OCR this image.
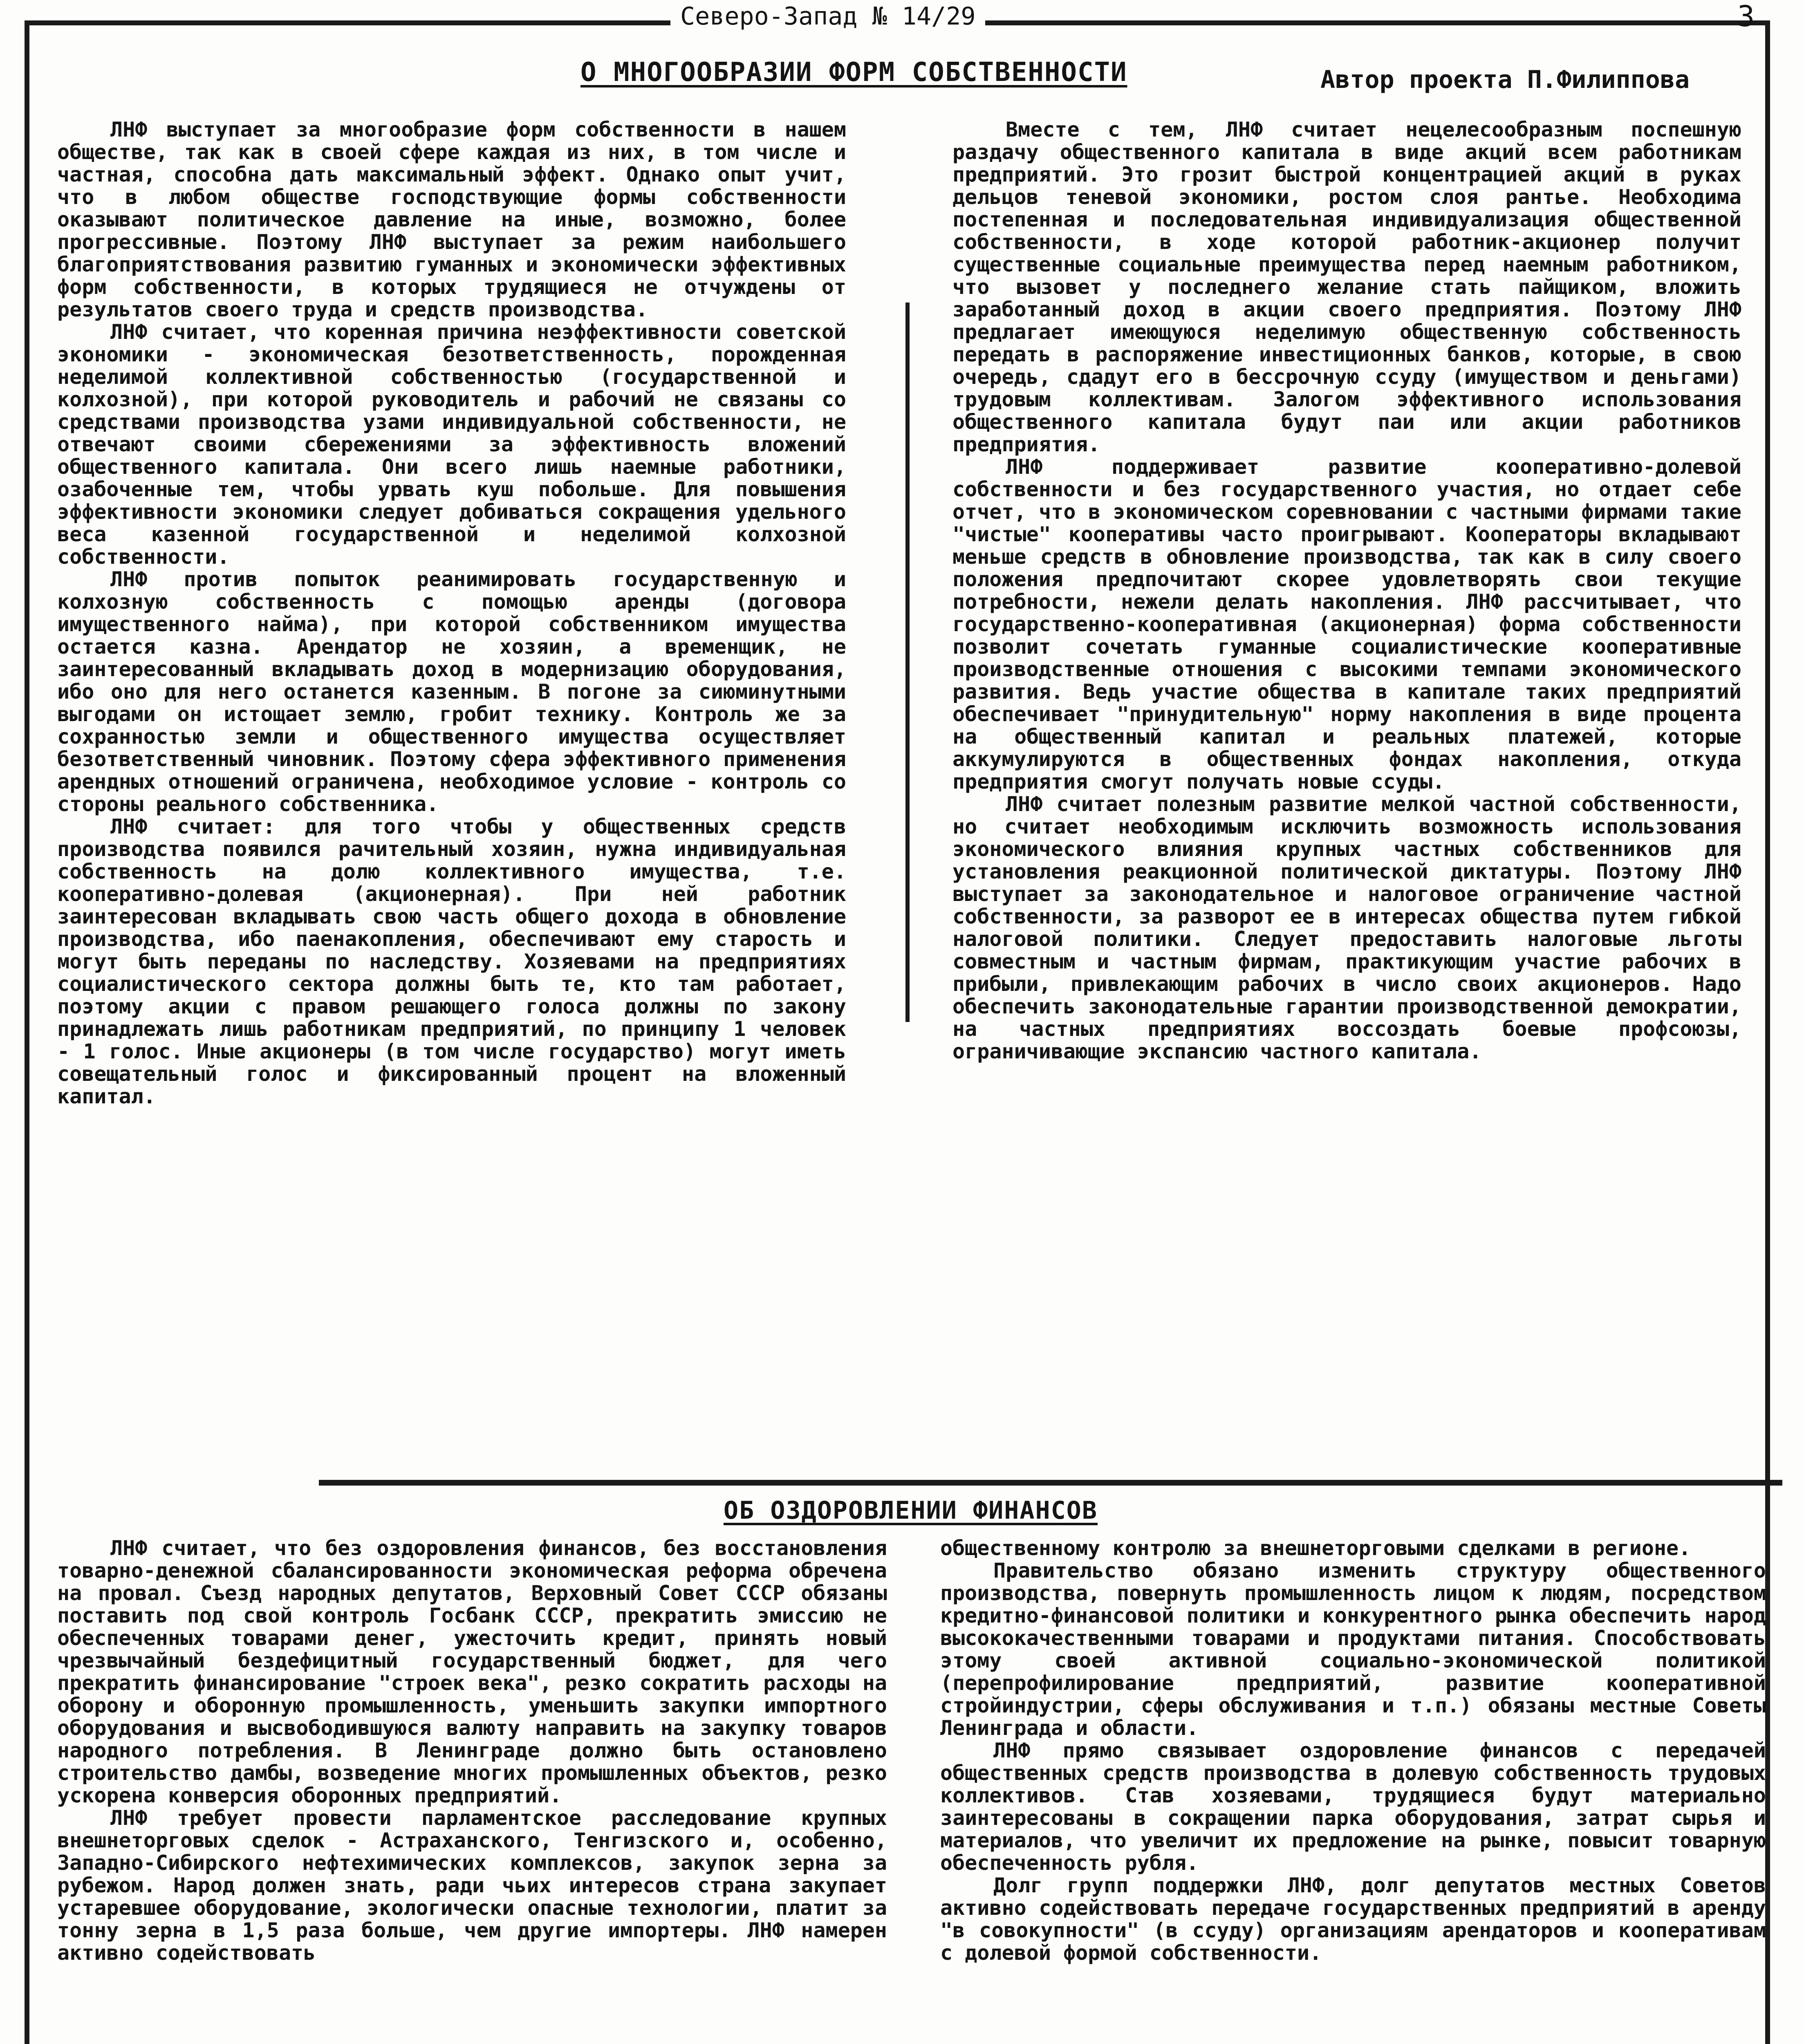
Северо-Запад № 14/29	3
О МНОГООБРАЗИИ ФОРМ СОБСТВЕННОСТИ	Автор проекта П.Филиппова

ЛНФ выступает за многообразие форм собственности в нашем обществе, так как в своей сфере каждая из них, в том числе и частная, способна дать максимальный эффект. Однако опыт учит, что в любом обществе господствующие формы собственности оказывают политическое давление на иные, возможно, более прогрессивные. Поэтому ЛНФ выступает за режим наибольшего благоприятствования развитию гуманных и экономически эффективных форм собственности, в которых трудящиеся не отчуждены от результатов своего труда и средств производства.

ЛНФ считает, что коренная причина неэффективности советской экономики - экономическая безответственность, порожденная неделимой коллективной собственностью (государственной и колхозной), при которой руководитель и рабочий не связаны со средствами производства узами индивидуальной собственности, не отвечают своими сбережениями за эффективность вложений общественного капитала. Они всего лишь наемные работники, озабоченные тем, чтобы урвать куш побольше. Для повышения эффективности экономики следует добиваться сокращения удельного веса казенной государственной и неделимой колхозной собственности.

ЛНФ против попыток реанимировать государственную и колхозную собственность с помощью аренды (договора имущественного найма), при которой собственником имущества остается казна. Арендатор не хозяин, а временщик, не заинтересованный вкладывать доход в модернизацию оборудования, ибо оно для него останется казенным. В погоне за сиюминутными выгодами он истощает землю, гробит технику. Контроль же за сохранностью земли и общественного имущества осуществляет безответственный чиновник. Поэтому сфера эффективного применения арендных отношений ограничена, необходимое условие - контроль со стороны реального собственника.

ЛНФ считает: для того чтобы у общественных средств производства появился рачительный хозяин, нужна индивидуальная собственность на долю коллективного имущества, т.е. кооперативно-долевая (акционерная). При ней работник заинтересован вкладывать свою часть общего дохода в обновление производства, ибо паенакопления, обеспечивают ему старость и могут быть переданы по наследству. Хозяевами на предприятиях социалистического сектора должны быть те, кто там работает, поэтому акции с правом решающего голоса должны по закону принадлежать лишь работникам предприятий, по принципу 1 человек - 1 голос. Иные акционеры (в том числе государство) могут иметь совещательный голос и фиксированный процент на вложенный капитал.

Вместе с тем, ЛНФ считает нецелесообразным поспешную раздачу общественного капитала в виде акций всем работникам предприятий. Это грозит быстрой концентрацией акций в руках дельцов теневой экономики, ростом слоя рантье. Необходима постепенная и последовательная индивидуализация общественной собственности, в ходе которой работник-акционер получит существенные социальные преимущества перед наемным работником, что вызовет у последнего желание стать пайщиком, вложить заработанный доход в акции своего предприятия. Поэтому ЛНФ предлагает имеющуюся неделимую общественную собственность передать в распоряжение инвестиционных банков, которые, в свою очередь, сдадут его в бессрочную ссуду (имуществом и деньгами) трудовым коллективам. Залогом эффективного использования общественного капитала будут паи или акции работников предприятия.

ЛНФ поддерживает развитие кооперативно-долевой собственности и без государственного участия, но отдает себе отчет, что в экономическом соревновании с частными фирмами такие "чистые" кооперативы часто проигрывают. Кооператоры вкладывают меньше средств в обновление производства, так как в силу своего положения предпочитают скорее удовлетворять свои текущие потребности, нежели делать накопления. ЛНФ рассчитывает, что государственно-кооперативная (акционерная) форма собственности позволит сочетать гуманные социалистические кооперативные производственные отношения с высокими темпами экономического развития. Ведь участие общества в капитале таких предприятий обеспечивает "принудительную" норму накопления в виде процента на общественный капитал и реальных платежей, которые аккумулируются в общественных фондах накопления, откуда предприятия смогут получать новые ссуды.

ЛНФ считает полезным развитие мелкой частной собственности, но считает необходимым исключить возможность использования экономического влияния крупных частных собственников для установления реакционной политической диктатуры. Поэтому ЛНФ выступает за законодательное и налоговое ограничение частной собственности, за разворот ее в интересах общества путем гибкой налоговой политики. Следует предоставить налоговые льготы совместным и частным фирмам, практикующим участие рабочих в прибыли, привлекающим рабочих в число своих акционеров. Надо обеспечить законодательные гарантии производственной демократии, на частных предприятиях воссоздать боевые профсоюзы, ограничивающие экспансию частного капитала.

ОБ ОЗДОРОВЛЕНИИ ФИНАНСОВ

ЛНФ считает, что без оздоровления финансов, без восстановления товарно-денежной сбалансированности экономическая реформа обречена на провал. Съезд народных депутатов, Верховный Совет СССР обязаны поставить под свой контроль Госбанк СССР, прекратить эмиссию не обеспеченных товарами денег, ужесточить кредит, принять новый чрезвычайный бездефицитный государственный бюджет, для чего прекратить финансирование "строек века", резко сократить расходы на оборону и оборонную промышленность, уменьшить закупки импортного оборудования и высвободившуюся валюту направить на закупку товаров народного потребления. В Ленинграде должно быть остановлено строительство дамбы, возведение многих промышленных объектов, резко ускорена конверсия оборонных предприятий.

ЛНФ требует провести парламентское расследование крупных внешнеторговых сделок - Астраханского, Тенгизского и, особенно, Западно-Сибирского нефтехимических комплексов, закупок зерна за рубежом. Народ должен знать, ради чьих интересов страна закупает устаревшее оборудование, экологически опасные технологии, платит за тонну зерна в 1,5 раза больше, чем другие импортеры. ЛНФ намерен активно содействовать

общественному контролю за внешнеторговыми сделками в регионе.

Правительство обязано изменить структуру общественного производства, повернуть промышленность лицом к людям, посредством кредитно-финансовой политики и конкурентного рынка обеспечить народ высококачественными товарами и продуктами питания. Способствовать этому своей активной социально-экономической политикой (перепрофилирование предприятий, развитие кооперативной стройиндустрии, сферы обслуживания и т.п.) обязаны местные Советы Ленинграда и области.

ЛНФ прямо связывает оздоровление финансов с передачей общественных средств производства в долевую собственность трудовых коллективов. Став хозяевами, трудящиеся будут материально заинтересованы в сокращении парка оборудования, затрат сырья и материалов, что увеличит их предложение на рынке, повысит товарную обеспеченность рубля.

Долг групп поддержки ЛНФ, долг депутатов местных Советов активно содействовать передаче государственных предприятий в аренду "в совокупности" (в ссуду) организациям арендаторов и кооперативам с долевой формой собственности.
